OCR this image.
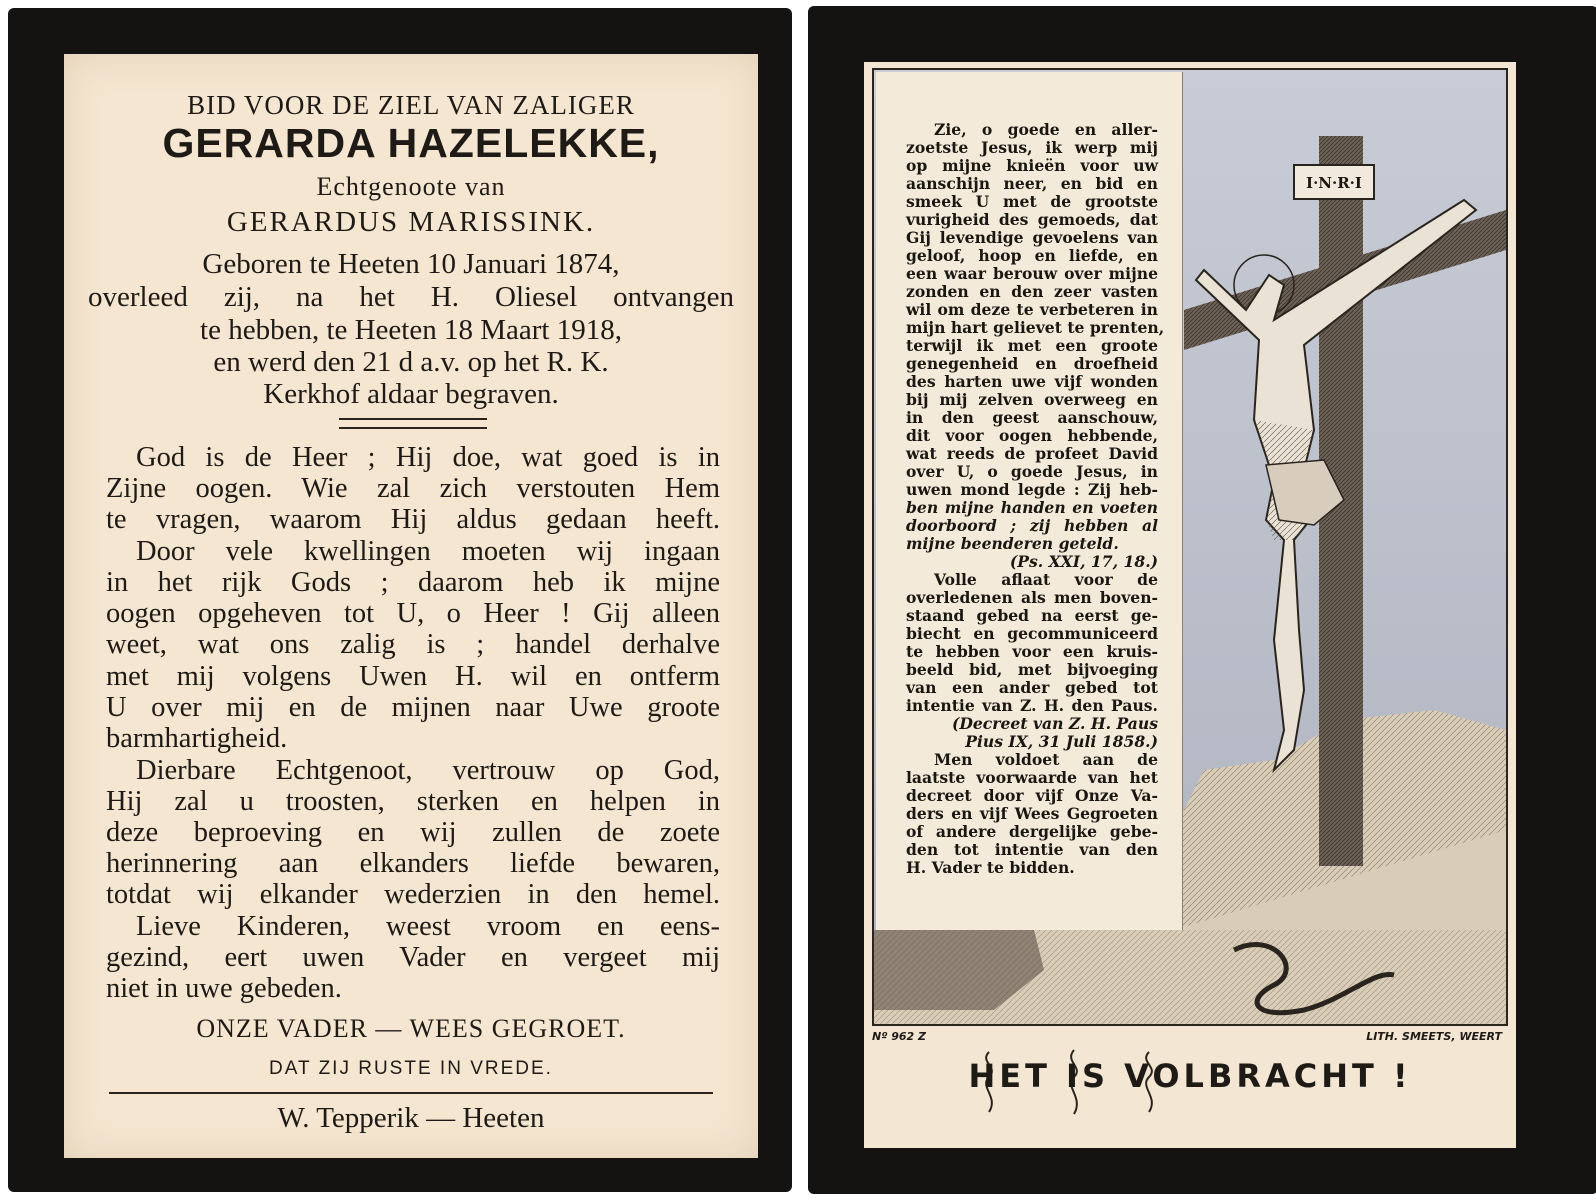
BID VOOR DE ZIEL VAN ZALIGER
GERARDA HAZELEKKE,
Echtgenoote van
GERARDUS MARISSINK.
Geboren te Heeten 10 Januari 1874,
overleed zij, na het H. Oliesel ontvangen
te hebben, te Heeten 18 Maart 1918,
en werd den 21 d a.v. op het R. K.
Kerkhof aldaar begraven.
God is de Heer ; Hij doe, wat goed is in
Zijne oogen. Wie zal zich verstouten Hem
te vragen, waarom Hij aldus gedaan heeft.
Door vele kwellingen moeten wij ingaan
in het rijk Gods ; daarom heb ik mijne
oogen opgeheven tot U, o Heer ! Gij alleen
weet, wat ons zalig is ; handel derhalve
met mij volgens Uwen H. wil en ontferm
U over mij en de mijnen naar Uwe groote
barmhartigheid.
Dierbare Echtgenoot, vertrouw op God,
Hij zal u troosten, sterken en helpen in
deze beproeving en wij zullen de zoete
herinnering aan elkanders liefde bewaren,
totdat wij elkander wederzien in den hemel.
Lieve Kinderen, weest vroom en eens-
gezind, eert uwen Vader en vergeet mij
niet in uwe gebeden.
ONZE VADER — WEES GEGROET.
DAT ZIJ RUSTE IN VREDE.
W. Tepperik — Heeten
I·N·R·I
Zie, o goede en aller-
zoetste Jesus, ik werp mij
op mijne knieën voor uw
aanschijn neer, en bid en
smeek U met de grootste
vurigheid des gemoeds, dat
Gij levendige gevoelens van
geloof, hoop en liefde, en
een waar berouw over mijne
zonden en den zeer vasten
wil om deze te verbeteren in
mijn hart gelievet te prenten,
terwijl ik met een groote
genegenheid en droefheid
des harten uwe vijf wonden
bij mij zelven overweeg en
in den geest aanschouw,
dit voor oogen hebbende,
wat reeds de profeet David
over U, o goede Jesus, in
uwen mond legde : Zij heb-
ben mijne handen en voeten
doorboord ; zij hebben al
mijne beenderen geteld.
(Ps. XXI, 17, 18.)
Volle aflaat voor de
overledenen als men boven-
staand gebed na eerst ge-
biecht en gecommuniceerd
te hebben voor een kruis-
beeld bid, met bijvoeging
van een ander gebed tot
intentie van Z. H. den Paus.
(Decreet van Z. H. Paus
Pius IX, 31 Juli 1858.)
Men voldoet aan de
laatste voorwaarde van het
decreet door vijf Onze Va-
ders en vijf Wees Gegroeten
of andere dergelijke gebe-
den tot intentie van den
H. Vader te bidden.
Nº 962 Z	LITH. SMEETS, WEERT
HET IS VOLBRACHT !
